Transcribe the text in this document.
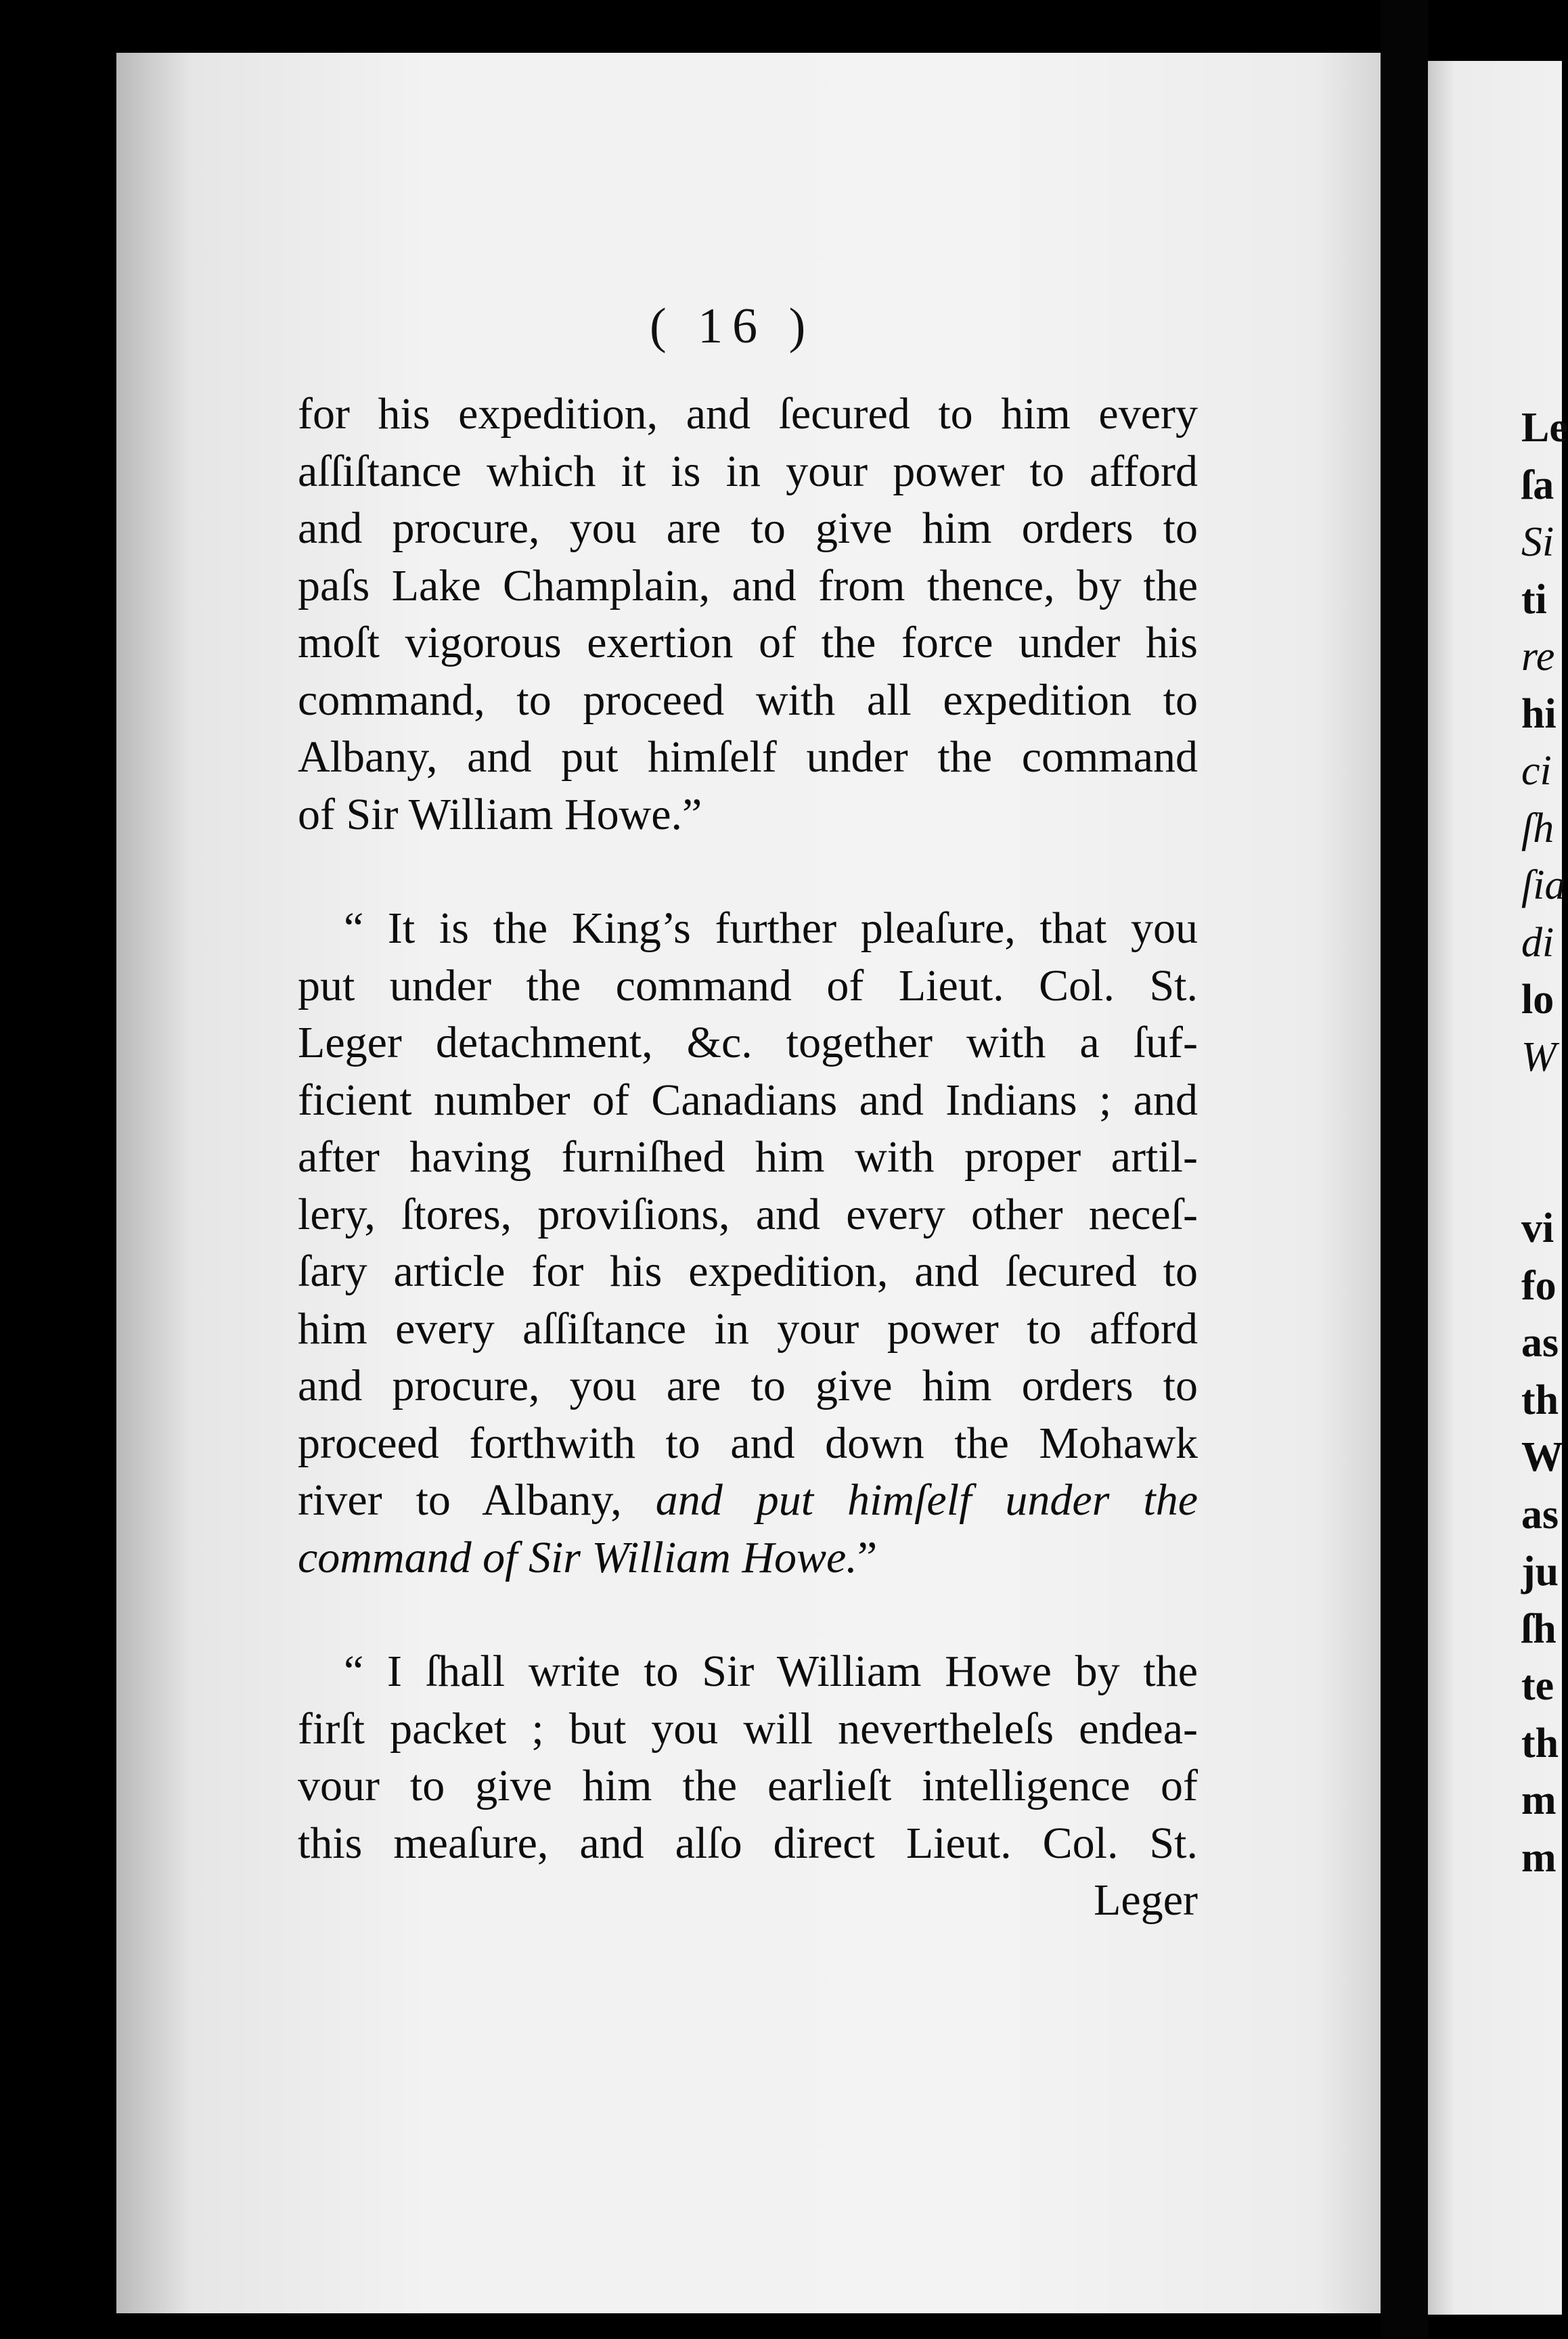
( 16 )
for his expedition, and ſecured to him every
aſſiſtance which it is in your power to afford
and procure, you are to give him orders to
paſs Lake Champlain, and from thence, by the
moſt vigorous exertion of the force under his
command, to proceed with all expedition to
Albany, and put himſelf under the command
of Sir William Howe.”
“ It is the King’s further pleaſure, that you
put under the command of Lieut. Col. St.
Leger detachment, &c. together with a ſuf-
ficient number of Canadians and Indians ; and
after having furniſhed him with proper artil-
lery, ſtores, proviſions, and every other neceſ-
ſary article for his expedition, and ſecured to
him every aſſiſtance in your power to afford
and procure, you are to give him orders to
proceed forthwith to and down the Mohawk
river to Albany, and put himſelf under the
command of Sir William Howe.”
“ I ſhall write to Sir William Howe by the
firſt packet ; but you will nevertheleſs endea-
vour to give him the earlieſt intelligence of
this meaſure, and alſo direct Lieut. Col. St.
Leger
Le
ſa
Si
ti
re
hi
ci
ſh
ſia
di
lo
W
vi
fo
as
th
W
as
ju
ſh
te
th
m
m
